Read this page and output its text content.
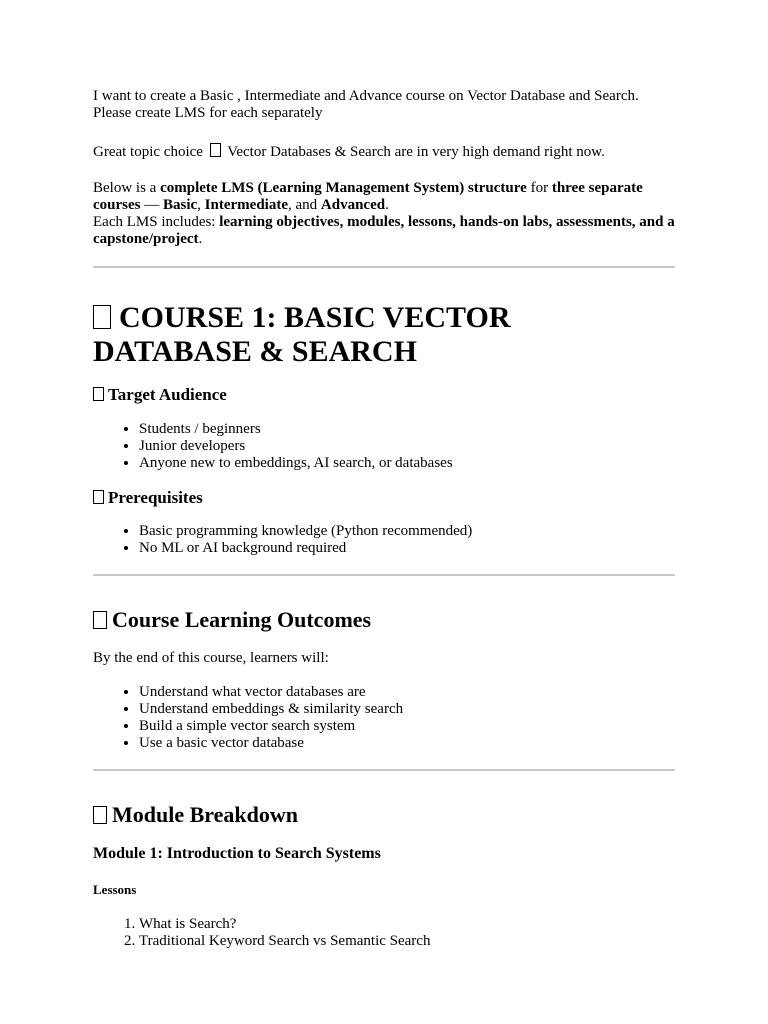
I want to create a Basic , Intermediate and Advance course on Vector Database and Search. Please create LMS for each separately

Great topic choice Vector Databases & Search are in very high demand right now.

Below is a complete LMS (Learning Management System) structure for three separate courses — Basic, Intermediate, and Advanced.

Each LMS includes: learning objectives, modules, lessons, hands-on labs, assessments, and a capstone/project.

COURSE 1: BASIC VECTOR DATABASE & SEARCH
Target Audience
• Students / beginners
• Junior developers
• Anyone new to embeddings, AI search, or databases
Prerequisites
• Basic programming knowledge (Python recommended)
• No ML or AI background required
Course Learning Outcomes

By the end of this course, learners will:

• Understand what vector databases are
• Understand embeddings & similarity search
• Build a simple vector search system
• Use a basic vector database
Module Breakdown
Module 1: Introduction to Search Systems
Lessons
1. What is Search?
2. Traditional Keyword Search vs Semantic Search
